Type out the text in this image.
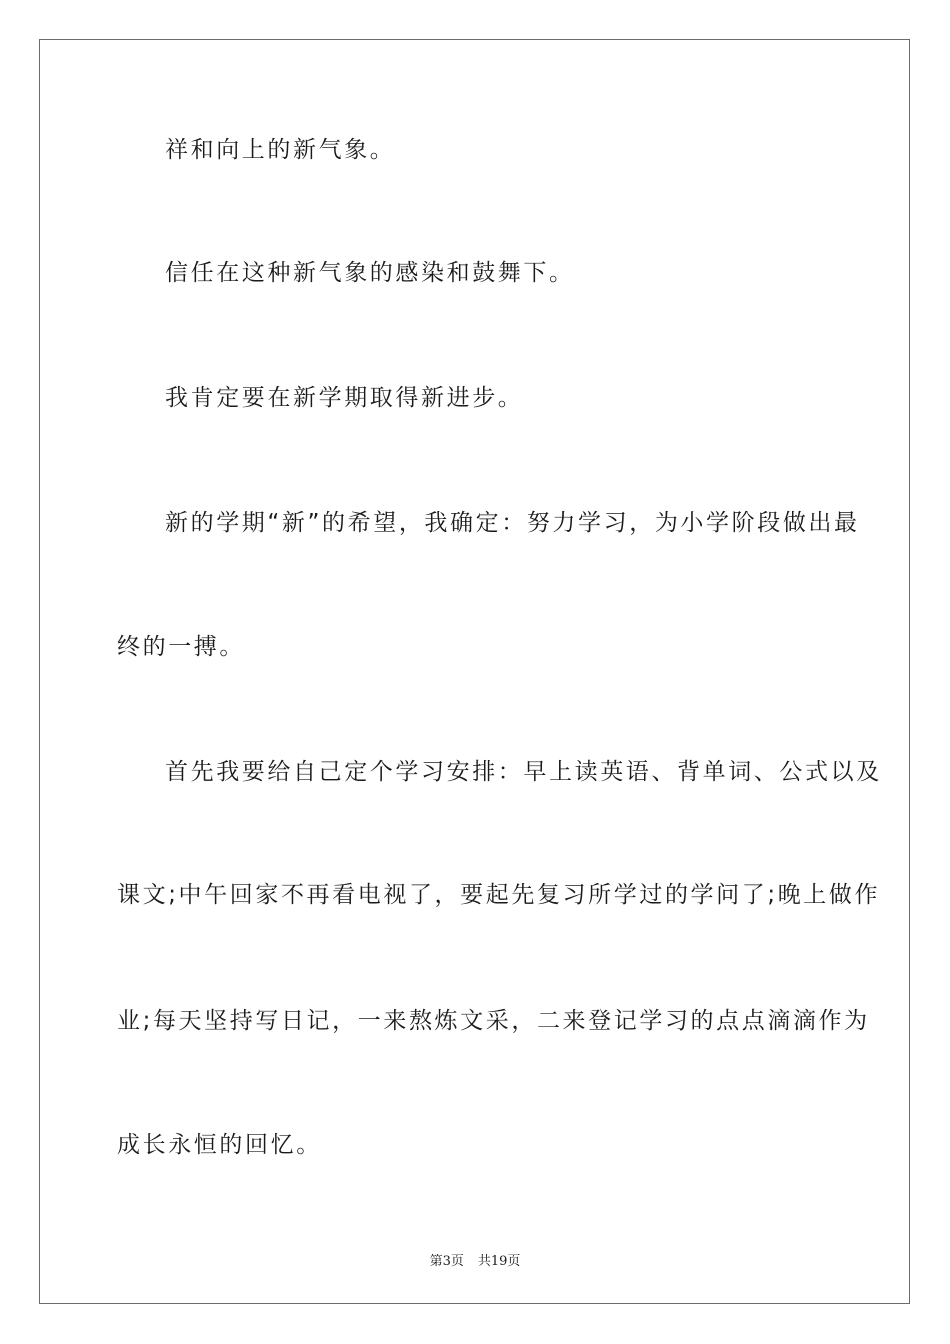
祥和向上的新气象。
信任在这种新气象的感染和鼓舞下。
我肯定要在新学期取得新进步。
新的学期“新”的希望，我确定：努力学习，为小学阶段做出最
终的一搏。
首先我要给自己定个学习安排：早上读英语、背单词、公式以及
课文;中午回家不再看电视了，要起先复习所学过的学问了;晚上做作
业;每天坚持写日记，一来熬炼文采，二来登记学习的点点滴滴作为
成长永恒的回忆。
第3页 共19页
